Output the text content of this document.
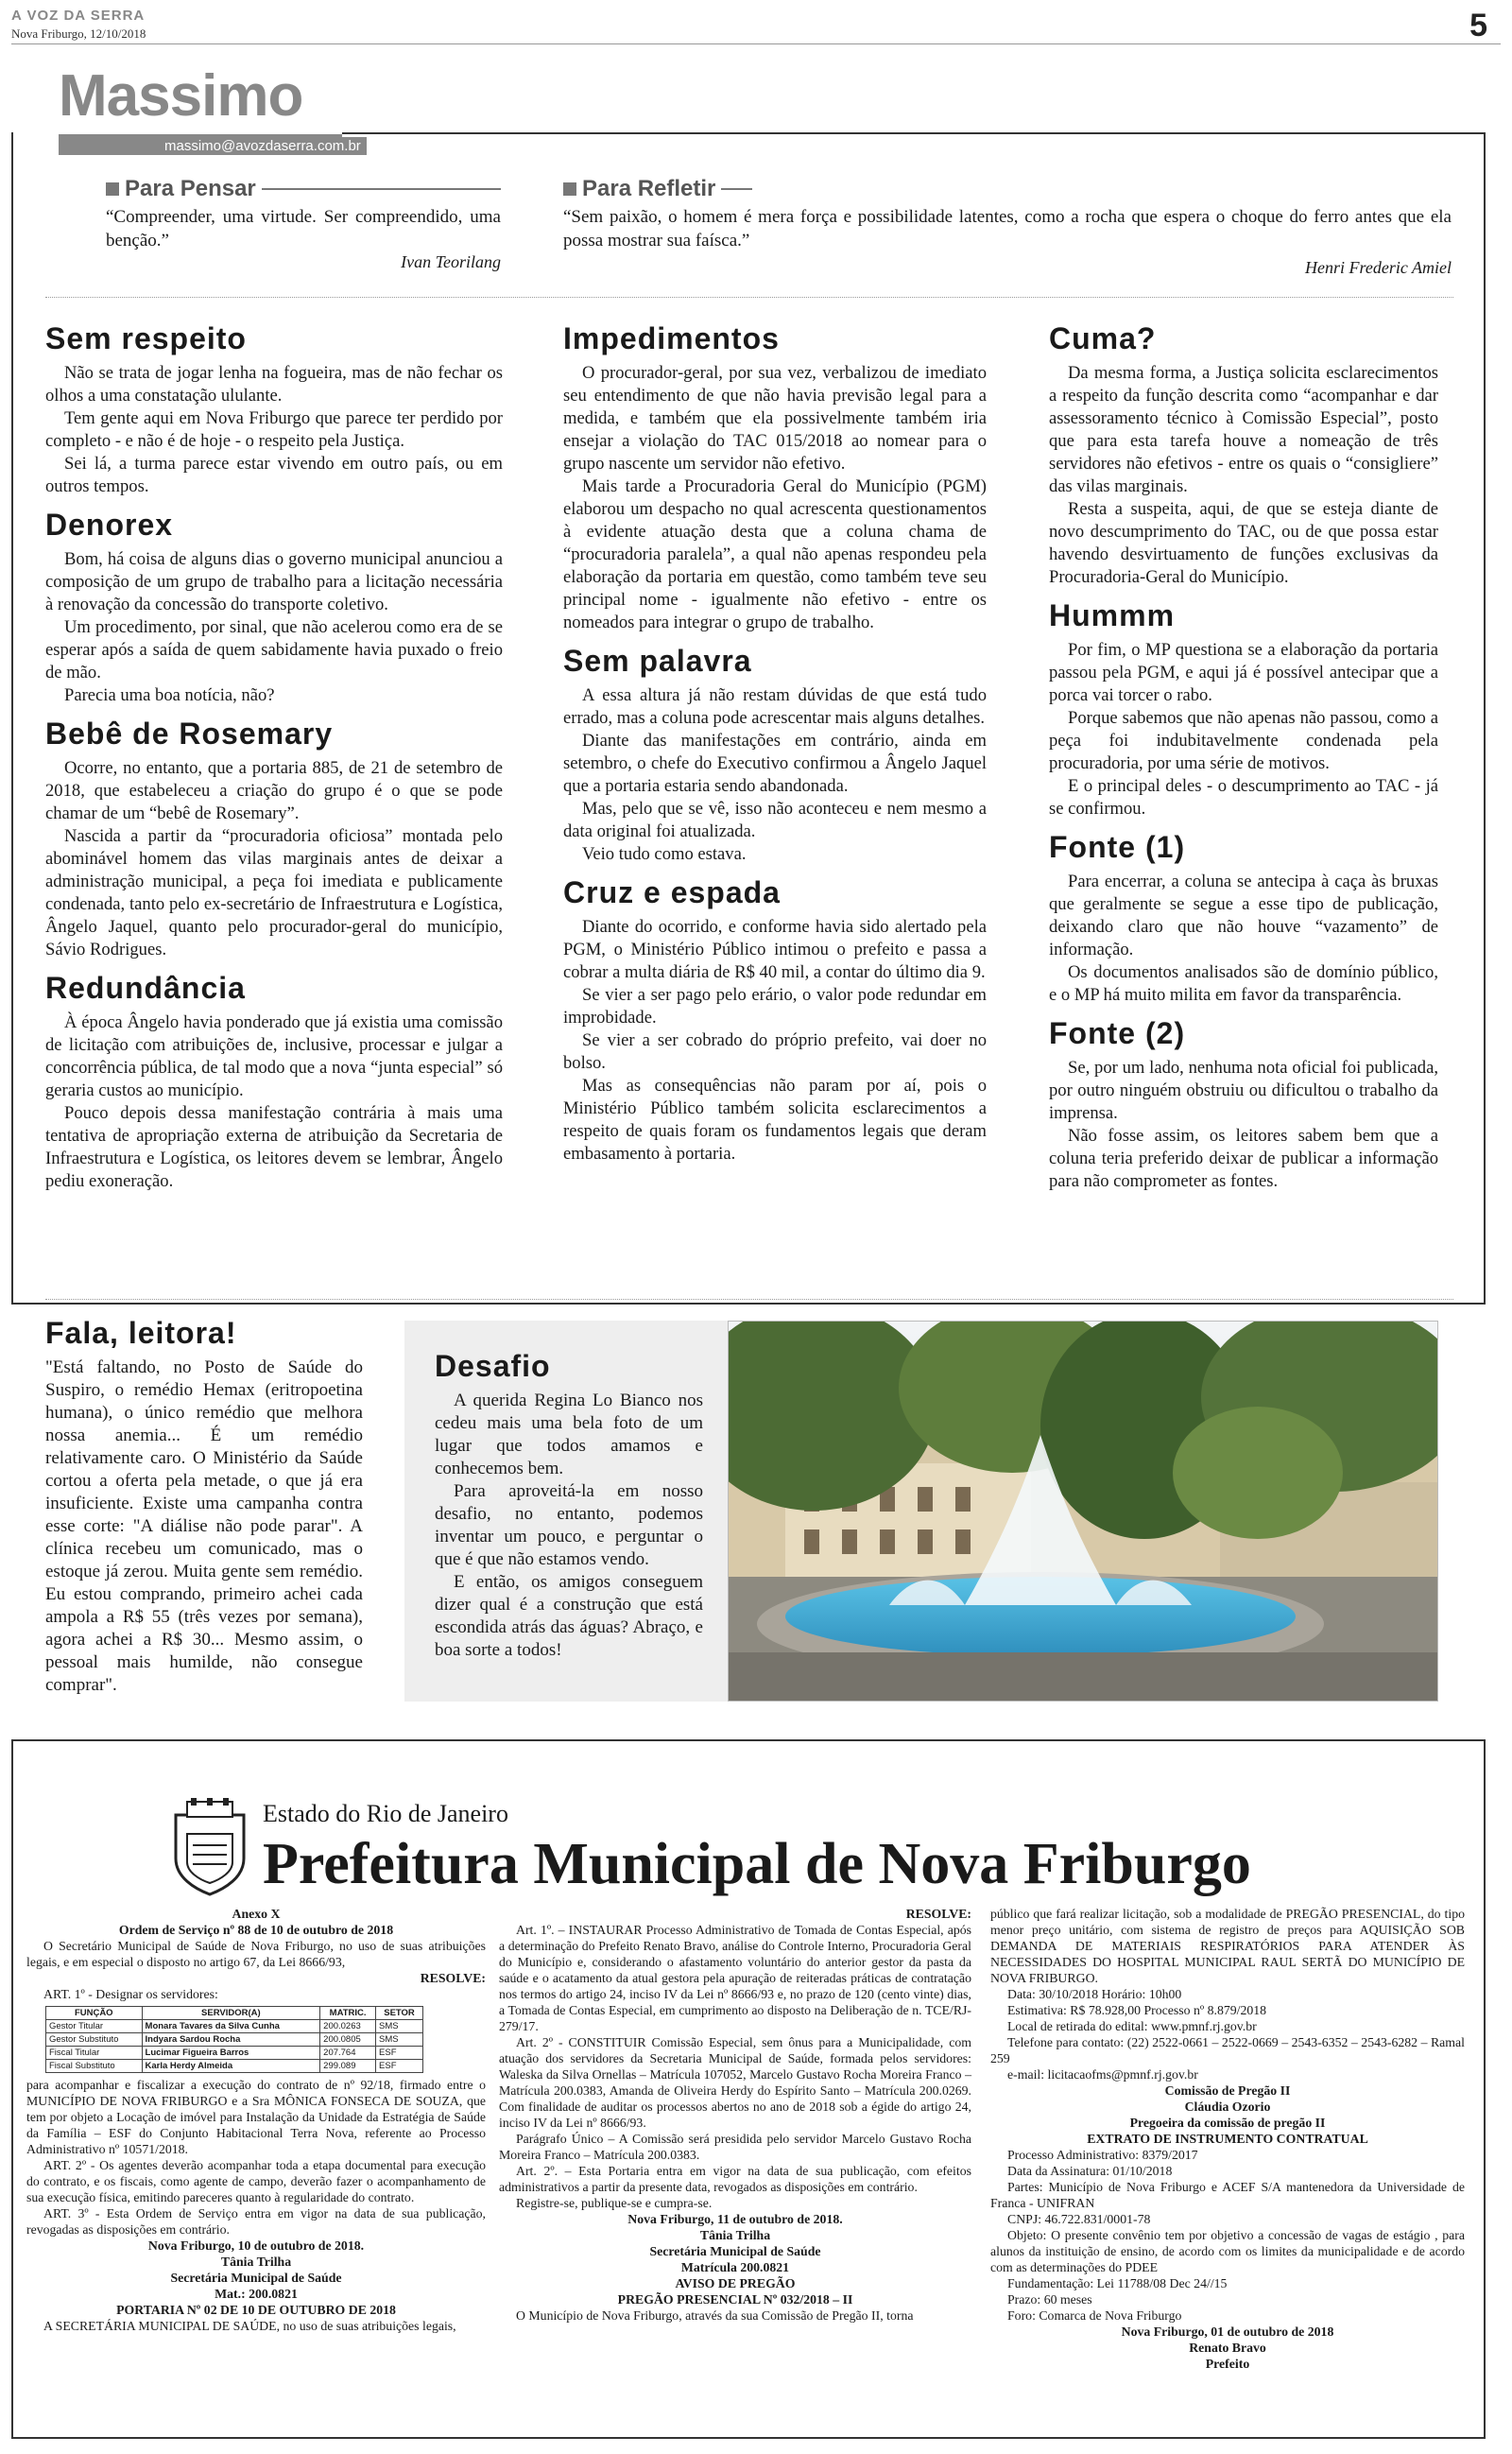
A VOZ DA SERRA
Nova Friburgo, 12/10/2018	5
Massimo
massimo@avozdaserra.com.br
Para Pensar
“Compreender, uma virtude. Ser compreendido, uma benção.”
Ivan Teorilang
Para Refletir
“Sem paixão, o homem é mera força e possibilidade latentes, como a rocha que espera o choque do ferro antes que ela possa mostrar sua faísca.”
Henri Frederic Amiel
Sem respeito
Não se trata de jogar lenha na fogueira, mas de não fechar os olhos a uma constatação ululante.
Tem gente aqui em Nova Friburgo que parece ter perdido por completo - e não é de hoje - o respeito pela Justiça.
Sei lá, a turma parece estar vivendo em outro país, ou em outros tempos.
Denorex
Bom, há coisa de alguns dias o governo municipal anunciou a composição de um grupo de trabalho para a licitação necessária à renovação da concessão do transporte coletivo.
Um procedimento, por sinal, que não acelerou como era de se esperar após a saída de quem sabidamente havia puxado o freio de mão.
Parecia uma boa notícia, não?
Bebê de Rosemary
Ocorre, no entanto, que a portaria 885, de 21 de setembro de 2018, que estabeleceu a criação do grupo é o que se pode chamar de um “bebê de Rosemary”.
Nascida a partir da “procuradoria oficiosa” montada pelo abominável homem das vilas marginais antes de deixar a administração municipal, a peça foi imediata e publicamente condenada, tanto pelo ex-secretário de Infraestrutura e Logística, Ângelo Jaquel, quanto pelo procurador-geral do município, Sávio Rodrigues.
Redundância
À época Ângelo havia ponderado que já existia uma comissão de licitação com atribuições de, inclusive, processar e julgar a concorrência pública, de tal modo que a nova “junta especial” só geraria custos ao município.
Pouco depois dessa manifestação contrária à mais uma tentativa de apropriação externa de atribuição da Secretaria de Infraestrutura e Logística, os leitores devem se lembrar, Ângelo pediu exoneração.
Impedimentos
O procurador-geral, por sua vez, verbalizou de imediato seu entendimento de que não havia previsão legal para a medida, e também que ela possivelmente também iria ensejar a violação do TAC 015/2018 ao nomear para o grupo nascente um servidor não efetivo.
Mais tarde a Procuradoria Geral do Município (PGM) elaborou um despacho no qual acrescenta questionamentos à evidente atuação desta que a coluna chama de “procuradoria paralela”, a qual não apenas respondeu pela elaboração da portaria em questão, como também teve seu principal nome - igualmente não efetivo - entre os nomeados para integrar o grupo de trabalho.
Sem palavra
A essa altura já não restam dúvidas de que está tudo errado, mas a coluna pode acrescentar mais alguns detalhes.
Diante das manifestações em contrário, ainda em setembro, o chefe do Executivo confirmou a Ângelo Jaquel que a portaria estaria sendo abandonada.
Mas, pelo que se vê, isso não aconteceu e nem mesmo a data original foi atualizada.
Veio tudo como estava.
Cruz e espada
Diante do ocorrido, e conforme havia sido alertado pela PGM, o Ministério Público intimou o prefeito e passa a cobrar a multa diária de R$ 40 mil, a contar do último dia 9.
Se vier a ser pago pelo erário, o valor pode redundar em improbidade.
Se vier a ser cobrado do próprio prefeito, vai doer no bolso.
Mas as consequências não param por aí, pois o Ministério Público também solicita esclarecimentos a respeito de quais foram os fundamentos legais que deram embasamento à portaria.
Cuma?
Da mesma forma, a Justiça solicita esclarecimentos a respeito da função descrita como “acompanhar e dar assessoramento técnico à Comissão Especial”, posto que para esta tarefa houve a nomeação de três servidores não efetivos - entre os quais o “consigliere” das vilas marginais.
Resta a suspeita, aqui, de que se esteja diante de novo descumprimento do TAC, ou de que possa estar havendo desvirtuamento de funções exclusivas da Procuradoria-Geral do Município.
Hummm
Por fim, o MP questiona se a elaboração da portaria passou pela PGM, e aqui já é possível antecipar que a porca vai torcer o rabo.
Porque sabemos que não apenas não passou, como a peça foi indubitavelmente condenada pela procuradoria, por uma série de motivos.
E o principal deles - o descumprimento ao TAC - já se confirmou.
Fonte (1)
Para encerrar, a coluna se antecipa à caça às bruxas que geralmente se segue a esse tipo de publicação, deixando claro que não houve “vazamento” de informação.
Os documentos analisados são de domínio público, e o MP há muito milita em favor da transparência.
Fonte (2)
Se, por um lado, nenhuma nota oficial foi publicada, por outro ninguém obstruiu ou dificultou o trabalho da imprensa.
Não fosse assim, os leitores sabem bem que a coluna teria preferido deixar de publicar a informação para não comprometer as fontes.
Fala, leitora!
"Está faltando, no Posto de Saúde do Suspiro, o remédio Hemax (eritropoetina humana), o único remédio que melhora nossa anemia... É um remédio relativamente caro. O Ministério da Saúde cortou a oferta pela metade, o que já era insuficiente. Existe uma campanha contra esse corte: "A diálise não pode parar". A clínica recebeu um comunicado, mas o estoque já zerou. Muita gente sem remédio. Eu estou comprando, primeiro achei cada ampola a R$ 55 (três vezes por semana), agora achei a R$ 30... Mesmo assim, o pessoal mais humilde, não consegue comprar".
Desafio
A querida Regina Lo Bianco nos cedeu mais uma bela foto de um lugar que todos amamos e conhecemos bem.
Para aproveitá-la em nosso desafio, no entanto, podemos inventar um pouco, e perguntar o que é que não estamos vendo.
E então, os amigos conseguem dizer qual é a construção que está escondida atrás das águas? Abraço, e boa sorte a todos!
Estado do Rio de Janeiro
Prefeitura Municipal de Nova Friburgo
Anexo X
Ordem de Serviço nº 88 de 10 de outubro de 2018
O Secretário Municipal de Saúde de Nova Friburgo, no uso de suas atribuições legais, e em especial o disposto no artigo 67, da Lei 8666/93,
RESOLVE:
ART. 1º - Designar os servidores:
FUNÇÃO	SERVIDOR(A)	MATRIC.	SETOR
Gestor Titular	Monara Tavares da Silva Cunha	200.0263	SMS
Gestor Substituto	Indyara Sardou Rocha	200.0805	SMS
Fiscal Titular	Lucimar Figueira Barros	207.764	ESF
Fiscal Substituto	Karla Herdy Almeida	299.089	ESF
para acompanhar e fiscalizar a execução do contrato de nº 92/18, firmado entre o MUNICÍPIO DE NOVA FRIBURGO e a Sra MÔNICA FONSECA DE SOUZA, que tem por objeto a Locação de imóvel para Instalação da Unidade da Estratégia de Saúde da Família – ESF do Conjunto Habitacional Terra Nova, referente ao Processo Administrativo nº 10571/2018.
ART. 2º - Os agentes deverão acompanhar toda a etapa documental para execução do contrato, e os fiscais, como agente de campo, deverão fazer o acompanhamento de sua execução física, emitindo pareceres quanto à regularidade do contrato.
ART. 3º - Esta Ordem de Serviço entra em vigor na data de sua publicação, revogadas as disposições em contrário.
Nova Friburgo, 10 de outubro de 2018.
Tânia Trilha
Secretária Municipal de Saúde
Mat.: 200.0821
PORTARIA Nº 02 DE 10 DE OUTUBRO DE 2018
A SECRETÁRIA MUNICIPAL DE SAÚDE, no uso de suas atribuições legais,
RESOLVE:
Art. 1º. – INSTAURAR Processo Administrativo de Tomada de Contas Especial, após a determinação do Prefeito Renato Bravo, análise do Controle Interno, Procuradoria Geral do Município e, considerando o afastamento voluntário do anterior gestor da pasta da saúde e o acatamento da atual gestora pela apuração de reiteradas práticas de contratação nos termos do artigo 24, inciso IV da Lei nº 8666/93 e, no prazo de 120 (cento vinte) dias, a Tomada de Contas Especial, em cumprimento ao disposto na Deliberação de n. TCE/RJ- 279/17.
Art. 2º - CONSTITUIR Comissão Especial, sem ônus para a Municipalidade, com atuação dos servidores da Secretaria Municipal de Saúde, formada pelos servidores: Waleska da Silva Ornellas – Matrícula 107052, Marcelo Gustavo Rocha Moreira Franco – Matrícula 200.0383, Amanda de Oliveira Herdy do Espírito Santo – Matrícula 200.0269. Com finalidade de auditar os processos abertos no ano de 2018 sob a égide do artigo 24, inciso IV da Lei nº 8666/93.
Parágrafo Único – A Comissão será presidida pelo servidor Marcelo Gustavo Rocha Moreira Franco – Matrícula 200.0383.
Art. 2º. – Esta Portaria entra em vigor na data de sua publicação, com efeitos administrativos a partir da presente data, revogados as disposições em contrário.
Registre-se, publique-se e cumpra-se.
Nova Friburgo, 11 de outubro de 2018.
Tânia Trilha
Secretária Municipal de Saúde
Matrícula 200.0821
AVISO DE PREGÃO
PREGÃO PRESENCIAL Nº 032/2018 – II
O Município de Nova Friburgo, através da sua Comissão de Pregão II, torna
público que fará realizar licitação, sob a modalidade de PREGÃO PRESENCIAL, do tipo menor preço unitário, com sistema de registro de preços para AQUISIÇÃO SOB DEMANDA DE MATERIAIS RESPIRATÓRIOS PARA ATENDER ÀS NECESSIDADES DO HOSPITAL MUNICIPAL RAUL SERTÃ DO MUNICÍPIO DE NOVA FRIBURGO.
Data: 30/10/2018 Horário: 10h00
Estimativa: R$ 78.928,00 Processo nº 8.879/2018
Local de retirada do edital: www.pmnf.rj.gov.br
Telefone para contato: (22) 2522-0661 – 2522-0669 – 2543-6352 – 2543-6282 – Ramal 259
e-mail: licitacaofms@pmnf.rj.gov.br
Comissão de Pregão II
Cláudia Ozorio
Pregoeira da comissão de pregão II
EXTRATO DE INSTRUMENTO CONTRATUAL
Processo Administrativo: 8379/2017
Data da Assinatura: 01/10/2018
Partes: Município de Nova Friburgo e ACEF S/A mantenedora da Universidade de Franca - UNIFRAN
CNPJ: 46.722.831/0001-78
Objeto: O presente convênio tem por objetivo a concessão de vagas de estágio , para alunos da instituição de ensino, de acordo com os limites da municipalidade e de acordo com as determinações do PDEE
Fundamentação: Lei 11788/08 Dec 24//15
Prazo: 60 meses
Foro: Comarca de Nova Friburgo
Nova Friburgo, 01 de outubro de 2018
Renato Bravo
Prefeito
